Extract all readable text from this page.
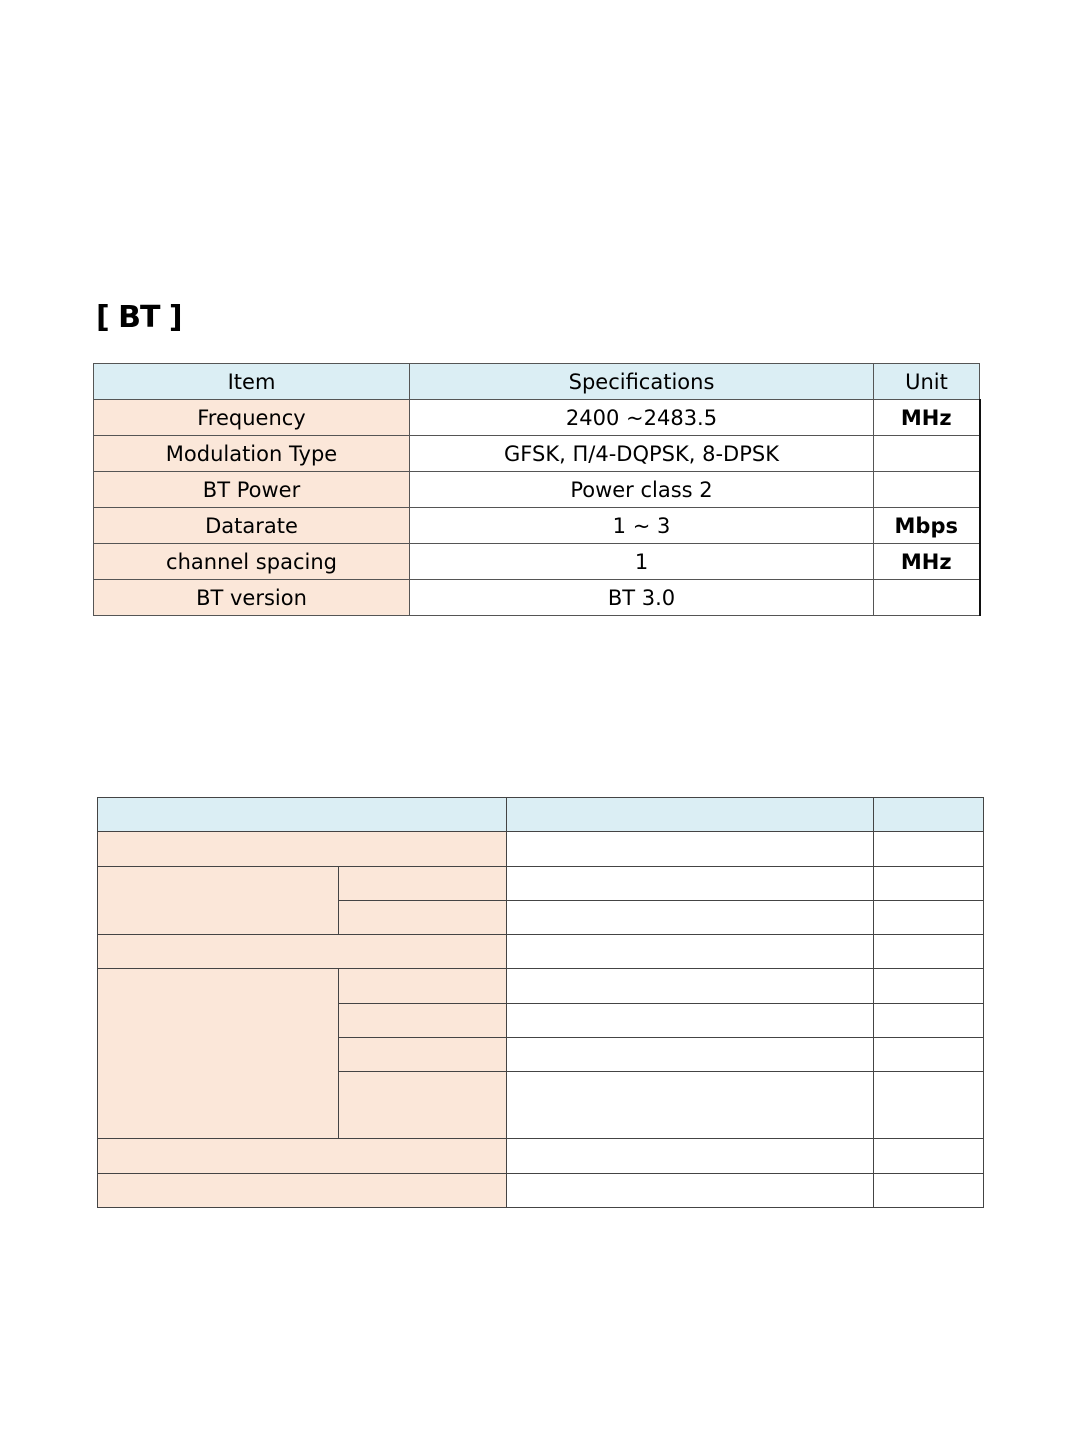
[ BT ]
Item	Specifications	Unit
Frequency	2400 ~2483.5	MHz
Modulation Type	GFSK, Π/4-DQPSK, 8-DPSK	
BT Power	Power class 2	
Datarate	1 ~ 3	Mbps
channel spacing	1	MHz
BT version	BT 3.0	
